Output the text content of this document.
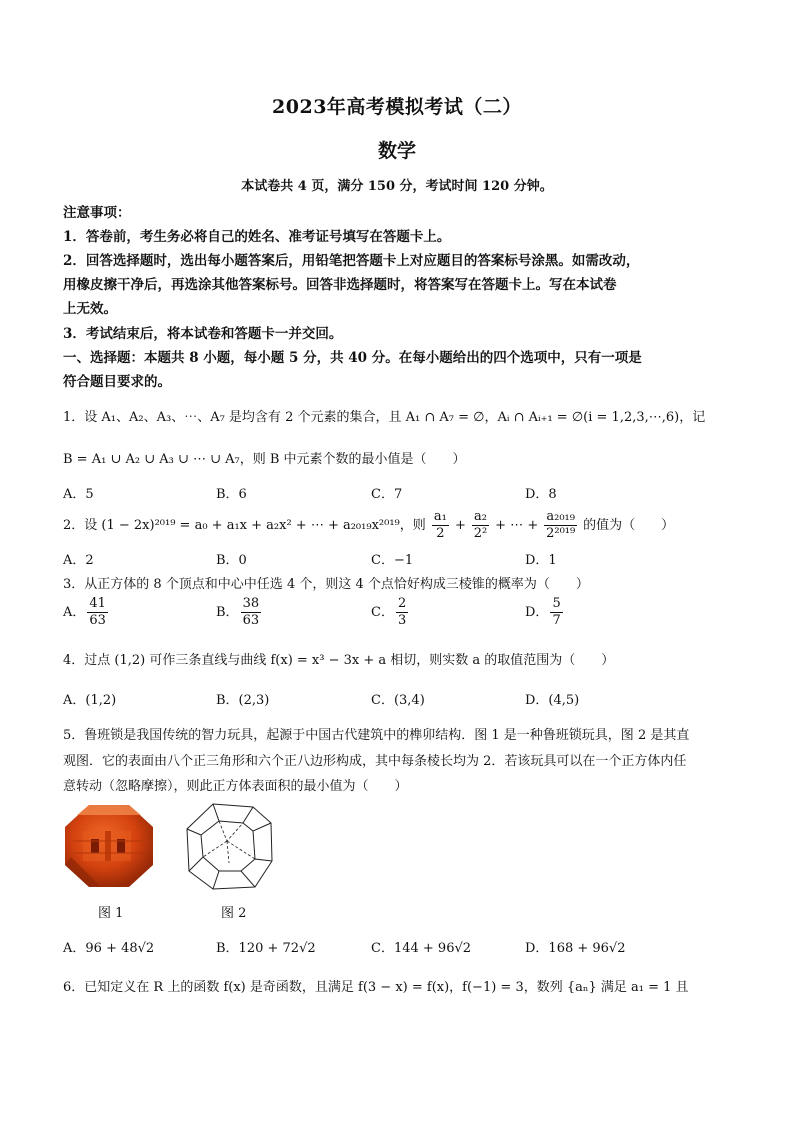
2023年高考模拟考试（二）
数学
本试卷共 4 页，满分 150 分，考试时间 120 分钟。
注意事项：
1．答卷前，考生务必将自己的姓名、准考证号填写在答题卡上。
2．回答选择题时，选出每小题答案后，用铅笔把答题卡上对应题目的答案标号涂黑。如需改动，
用橡皮擦干净后，再选涂其他答案标号。回答非选择题时，将答案写在答题卡上。写在本试卷
上无效。
3．考试结束后，将本试卷和答题卡一并交回。
一、选择题：本题共 8 小题，每小题 5 分，共 40 分。在每小题给出的四个选项中，只有一项是
符合题目要求的。
1．设 A₁、A₂、A₃、⋯、A₇ 是均含有 2 个元素的集合，且 A₁ ∩ A₇ = ∅，Aᵢ ∩ Aᵢ₊₁ = ∅(i = 1,2,3,⋯,6)，记
B = A₁ ∪ A₂ ∪ A₃ ∪ ⋯ ∪ A₇，则 B 中元素个数的最小值是（　　）
A．5	B．6	C．7	D．8
2．设 (1 − 2x)²⁰¹⁹ = a₀ + a₁x + a₂x² + ⋯ + a₂₀₁₉x²⁰¹⁹，则 $\frac{\text{a₁}}{2} + \frac{\text{a₂}}{\text{2²}}$ + ⋯ + $\frac{\text{a₂₀₁₉}}{\text{2²⁰¹⁹}}$ 的值为（　　）
A．2	B．0	C．−1	D．1
3．从正方体的 8 个顶点和中心中任选 4 个，则这 4 个点恰好构成三棱锥的概率为（　　）
A． $\frac{41}{63}$	B． $\frac{38}{63}$	C． $\frac{2}{3}$	D． $\frac{5}{7}$
4．过点 (1,2) 可作三条直线与曲线 f(x) = x³ − 3x + a 相切，则实数 a 的取值范围为（　　）
A．(1,2)	B．(2,3)	C．(3,4)	D．(4,5)
5．鲁班锁是我国传统的智力玩具，起源于中国古代建筑中的榫卯结构．图 1 是一种鲁班锁玩具，图 2 是其直
观图．它的表面由八个正三角形和六个正八边形构成，其中每条棱长均为 2．若该玩具可以在一个正方体内任
意转动（忽略摩擦），则此正方体表面积的最小值为（　　）
图 1	图 2
A．96 + 48√2	B．120 + 72√2	C．144 + 96√2	D．168 + 96√2
6．已知定义在 R 上的函数 f(x) 是奇函数，且满足 f(3 − x) = f(x)，f(−1) = 3，数列 {aₙ} 满足 a₁ = 1 且
